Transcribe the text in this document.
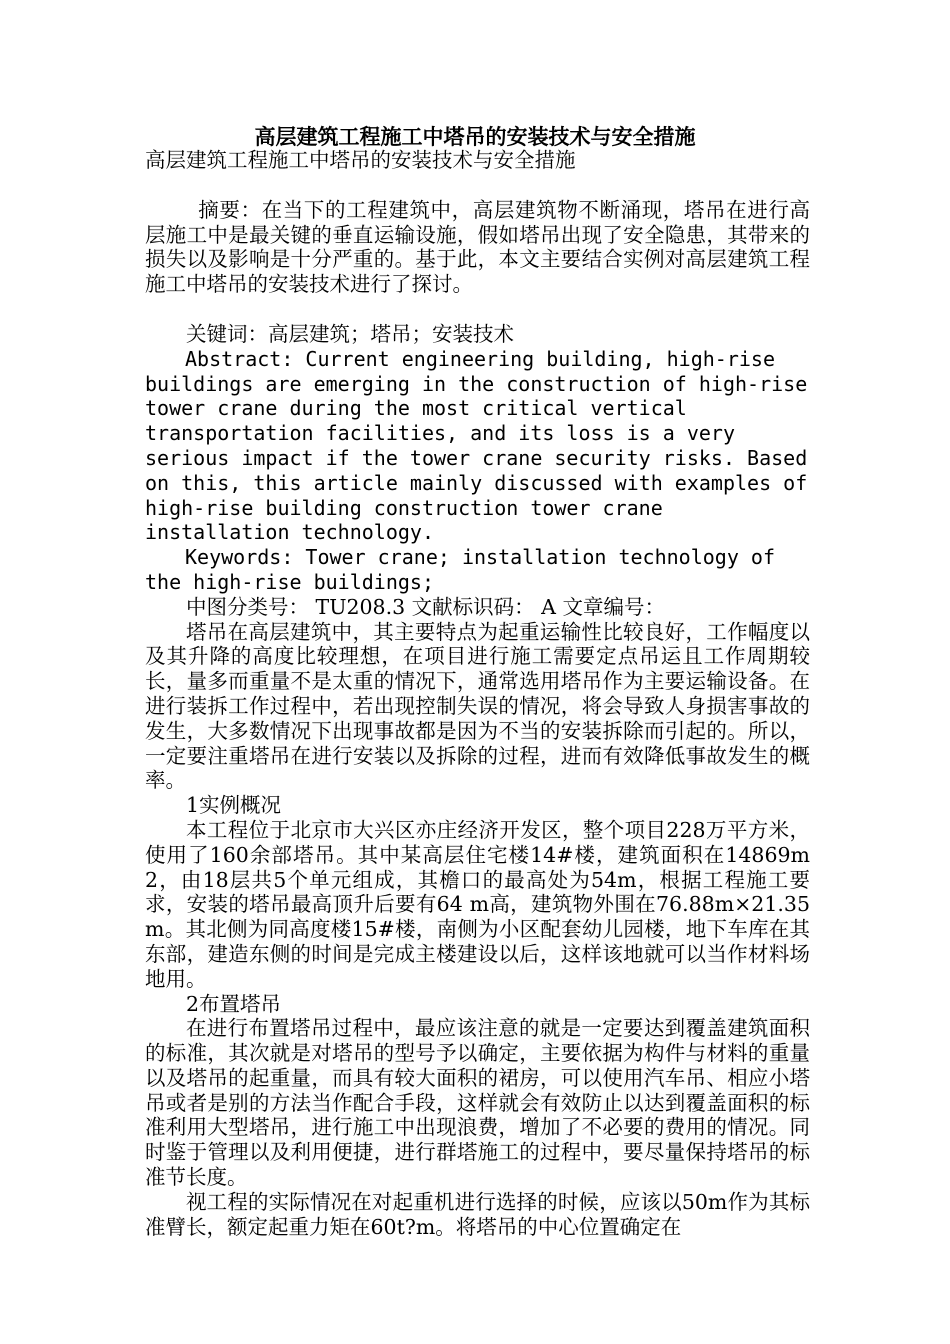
高层建筑工程施工中塔吊的安装技术与安全措施

高层建筑工程施工中塔吊的安装技术与安全措施

摘要：在当下的工程建筑中，高层建筑物不断涌现，塔吊在进行高层施工中是最关键的垂直运输设施，假如塔吊出现了安全隐患，其带来的损失以及影响是十分严重的。基于此，本文主要结合实例对高层建筑工程施工中塔吊的安装技术进行了探讨。

关键词：高层建筑；塔吊；安装技术

Abstract: Current engineering building, high-rise buildings are emerging in the construction of high-rise tower crane during the most critical vertical transportation facilities, and its loss is a very serious impact if the tower crane security risks. Based on this, this article mainly discussed with examples of high-rise building construction tower crane installation technology.

Keywords: Tower crane; installation technology of the high-rise buildings;

中图分类号： TU208.3 文献标识码： A 文章编号：

塔吊在高层建筑中，其主要特点为起重运输性比较良好，工作幅度以及其升降的高度比较理想，在项目进行施工需要定点吊运且工作周期较长，量多而重量不是太重的情况下，通常选用塔吊作为主要运输设备。在进行装拆工作过程中，若出现控制失误的情况，将会导致人身损害事故的发生，大多数情况下出现事故都是因为不当的安装拆除而引起的。所以，一定要注重塔吊在进行安装以及拆除的过程，进而有效降低事故发生的概率。

1实例概况

本工程位于北京市大兴区亦庄经济开发区，整个项目228万平方米，使用了160余部塔吊。其中某高层住宅楼14#楼，建筑面积在14869m2，由18层共5个单元组成，其檐口的最高处为54m，根据工程施工要求，安装的塔吊最高顶升后要有64 m高，建筑物外围在76.88m×21.35m。其北侧为同高度楼15#楼，南侧为小区配套幼儿园楼，地下车库在其东部，建造东侧的时间是完成主楼建设以后，这样该地就可以当作材料场地用。

2布置塔吊

在进行布置塔吊过程中，最应该注意的就是一定要达到覆盖建筑面积的标准，其次就是对塔吊的型号予以确定，主要依据为构件与材料的重量以及塔吊的起重量，而具有较大面积的裙房，可以使用汽车吊、相应小塔吊或者是别的方法当作配合手段，这样就会有效防止以达到覆盖面积的标准利用大型塔吊，进行施工中出现浪费，增加了不必要的费用的情况。同时鉴于管理以及利用便捷，进行群塔施工的过程中，要尽量保持塔吊的标准节长度。

视工程的实际情况在对起重机进行选择的时候，应该以50m作为其标准臂长，额定起重力矩在60t?m。将塔吊的中心位置确定在
